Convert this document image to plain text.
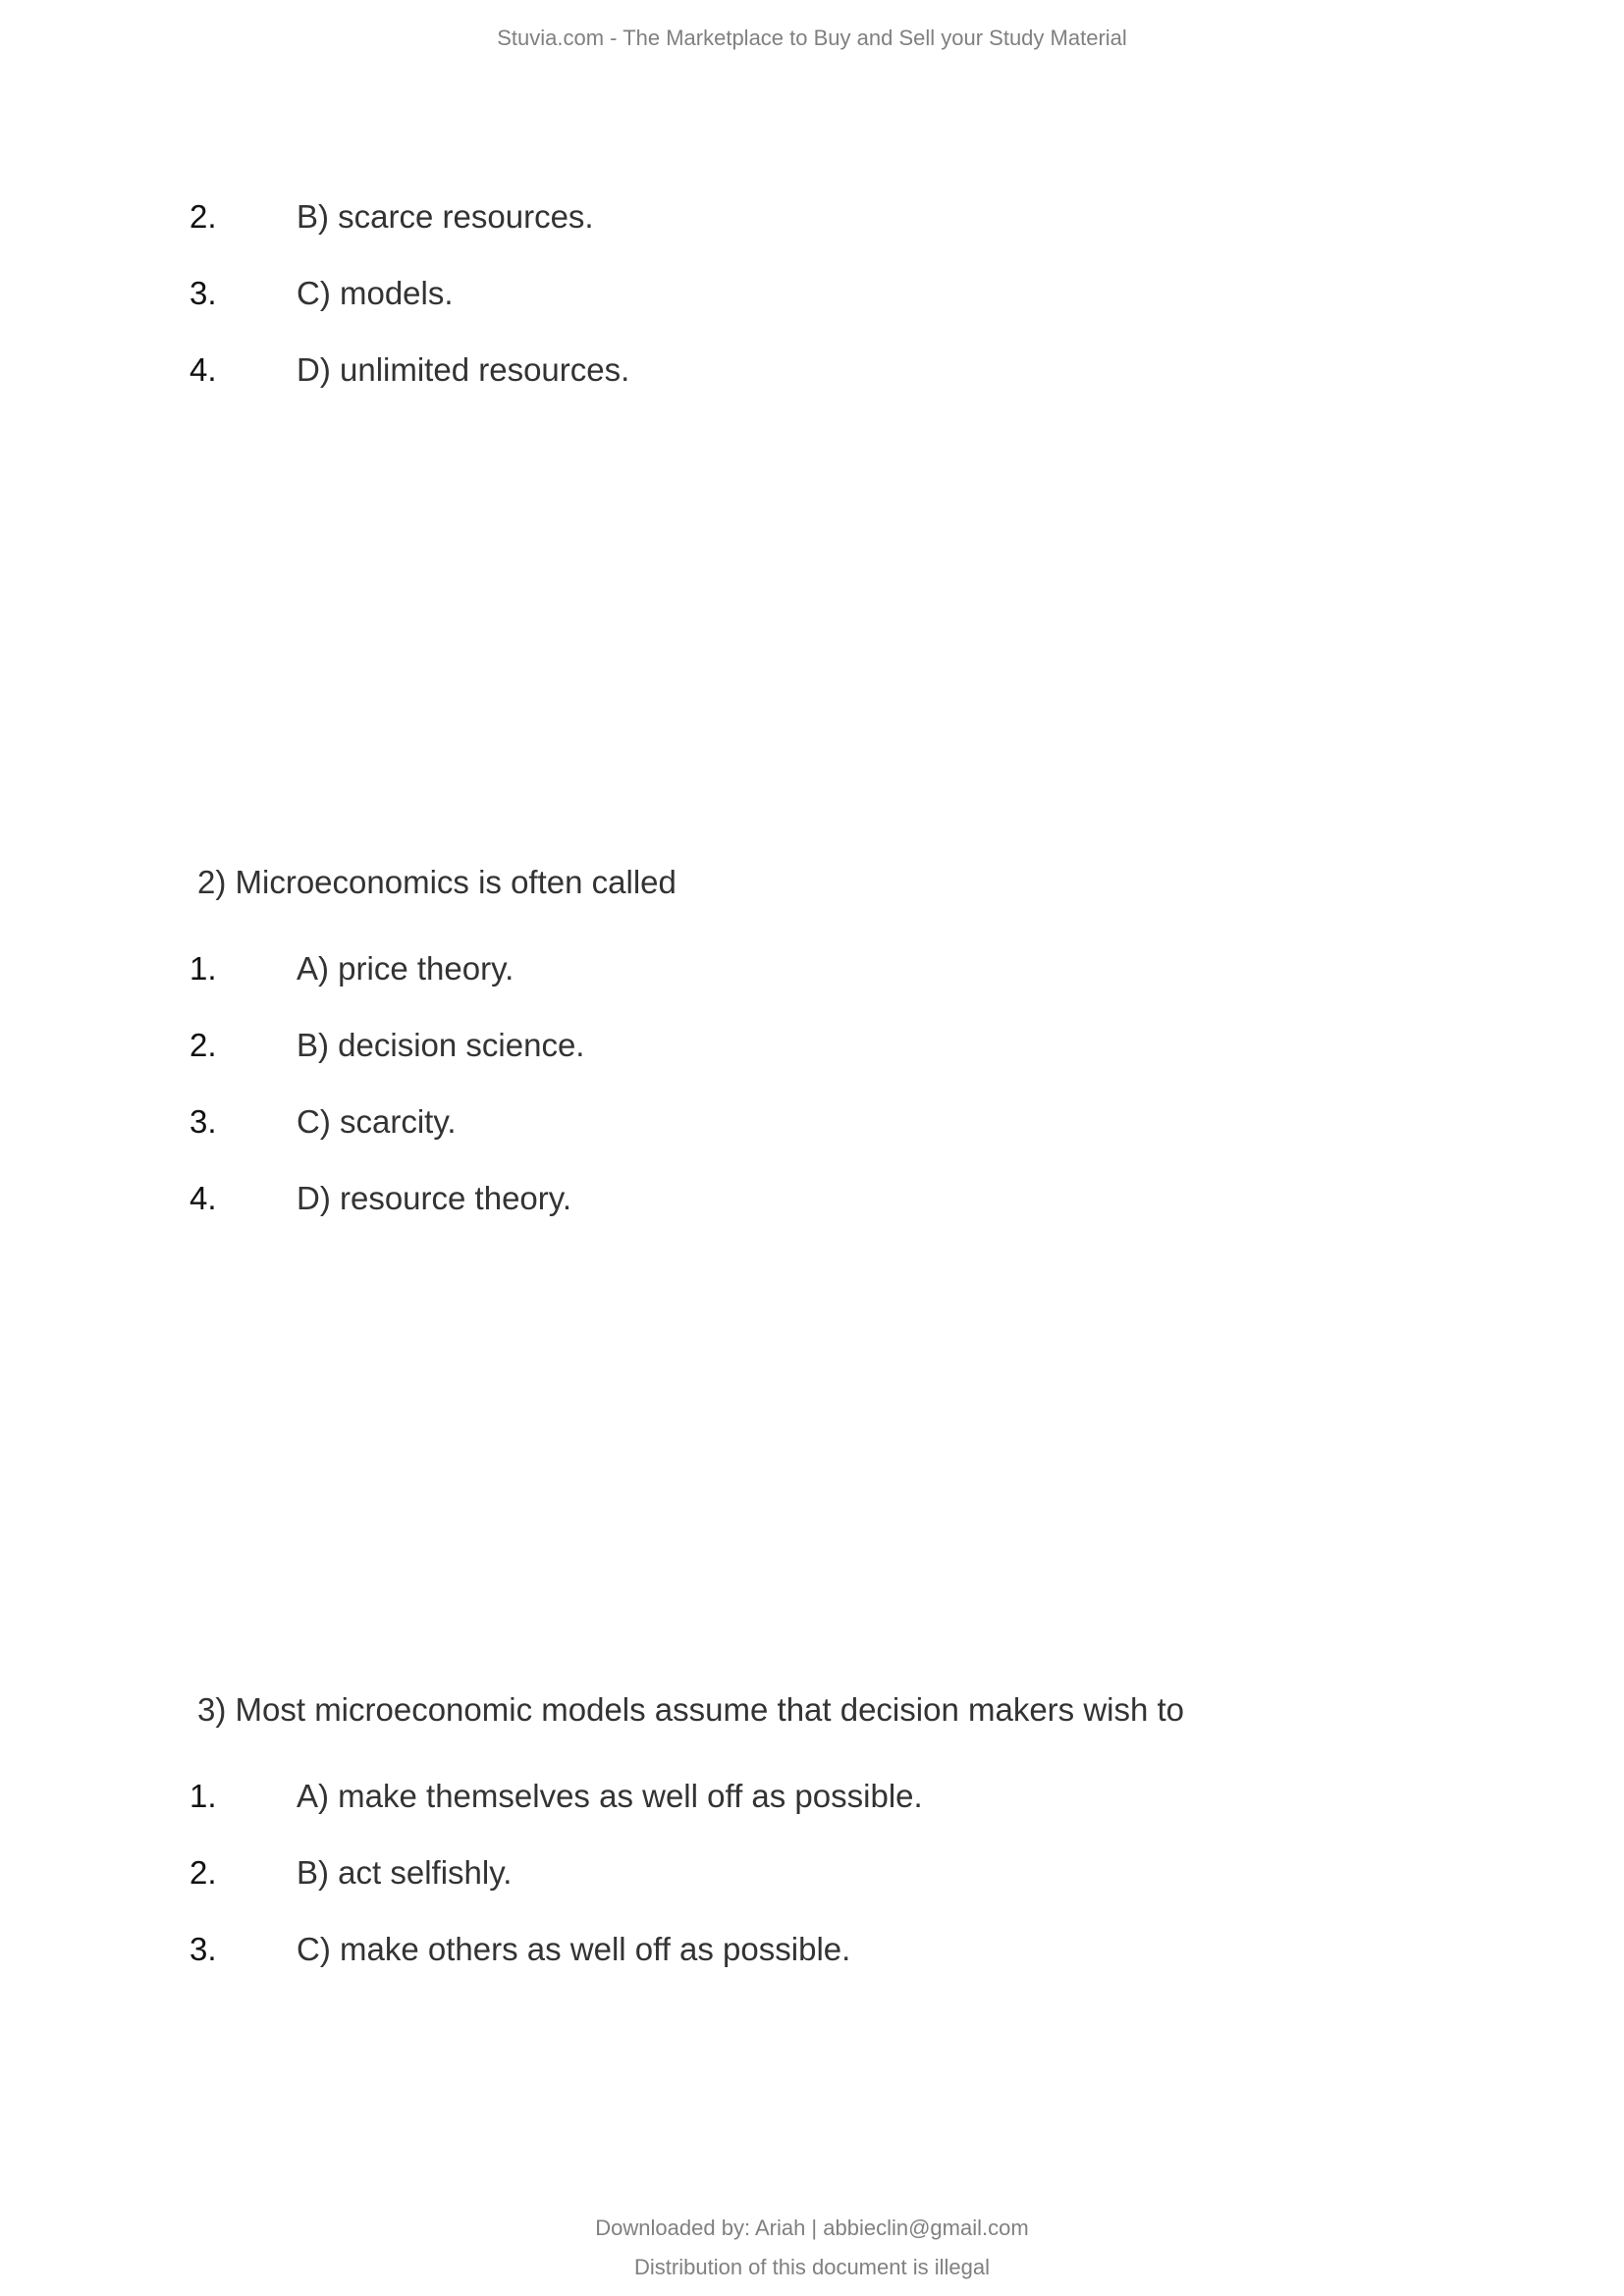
Stuvia.com - The Marketplace to Buy and Sell your Study Material
2. B) scarce resources.
3. C) models.
4. D) unlimited resources.
2) Microeconomics is often called
1. A) price theory.
2. B) decision science.
3. C) scarcity.
4. D) resource theory.
3) Most microeconomic models assume that decision makers wish to
1. A) make themselves as well off as possible.
2. B) act selfishly.
3. C) make others as well off as possible.
Downloaded by: Ariah | abbieclin@gmail.com
Distribution of this document is illegal
